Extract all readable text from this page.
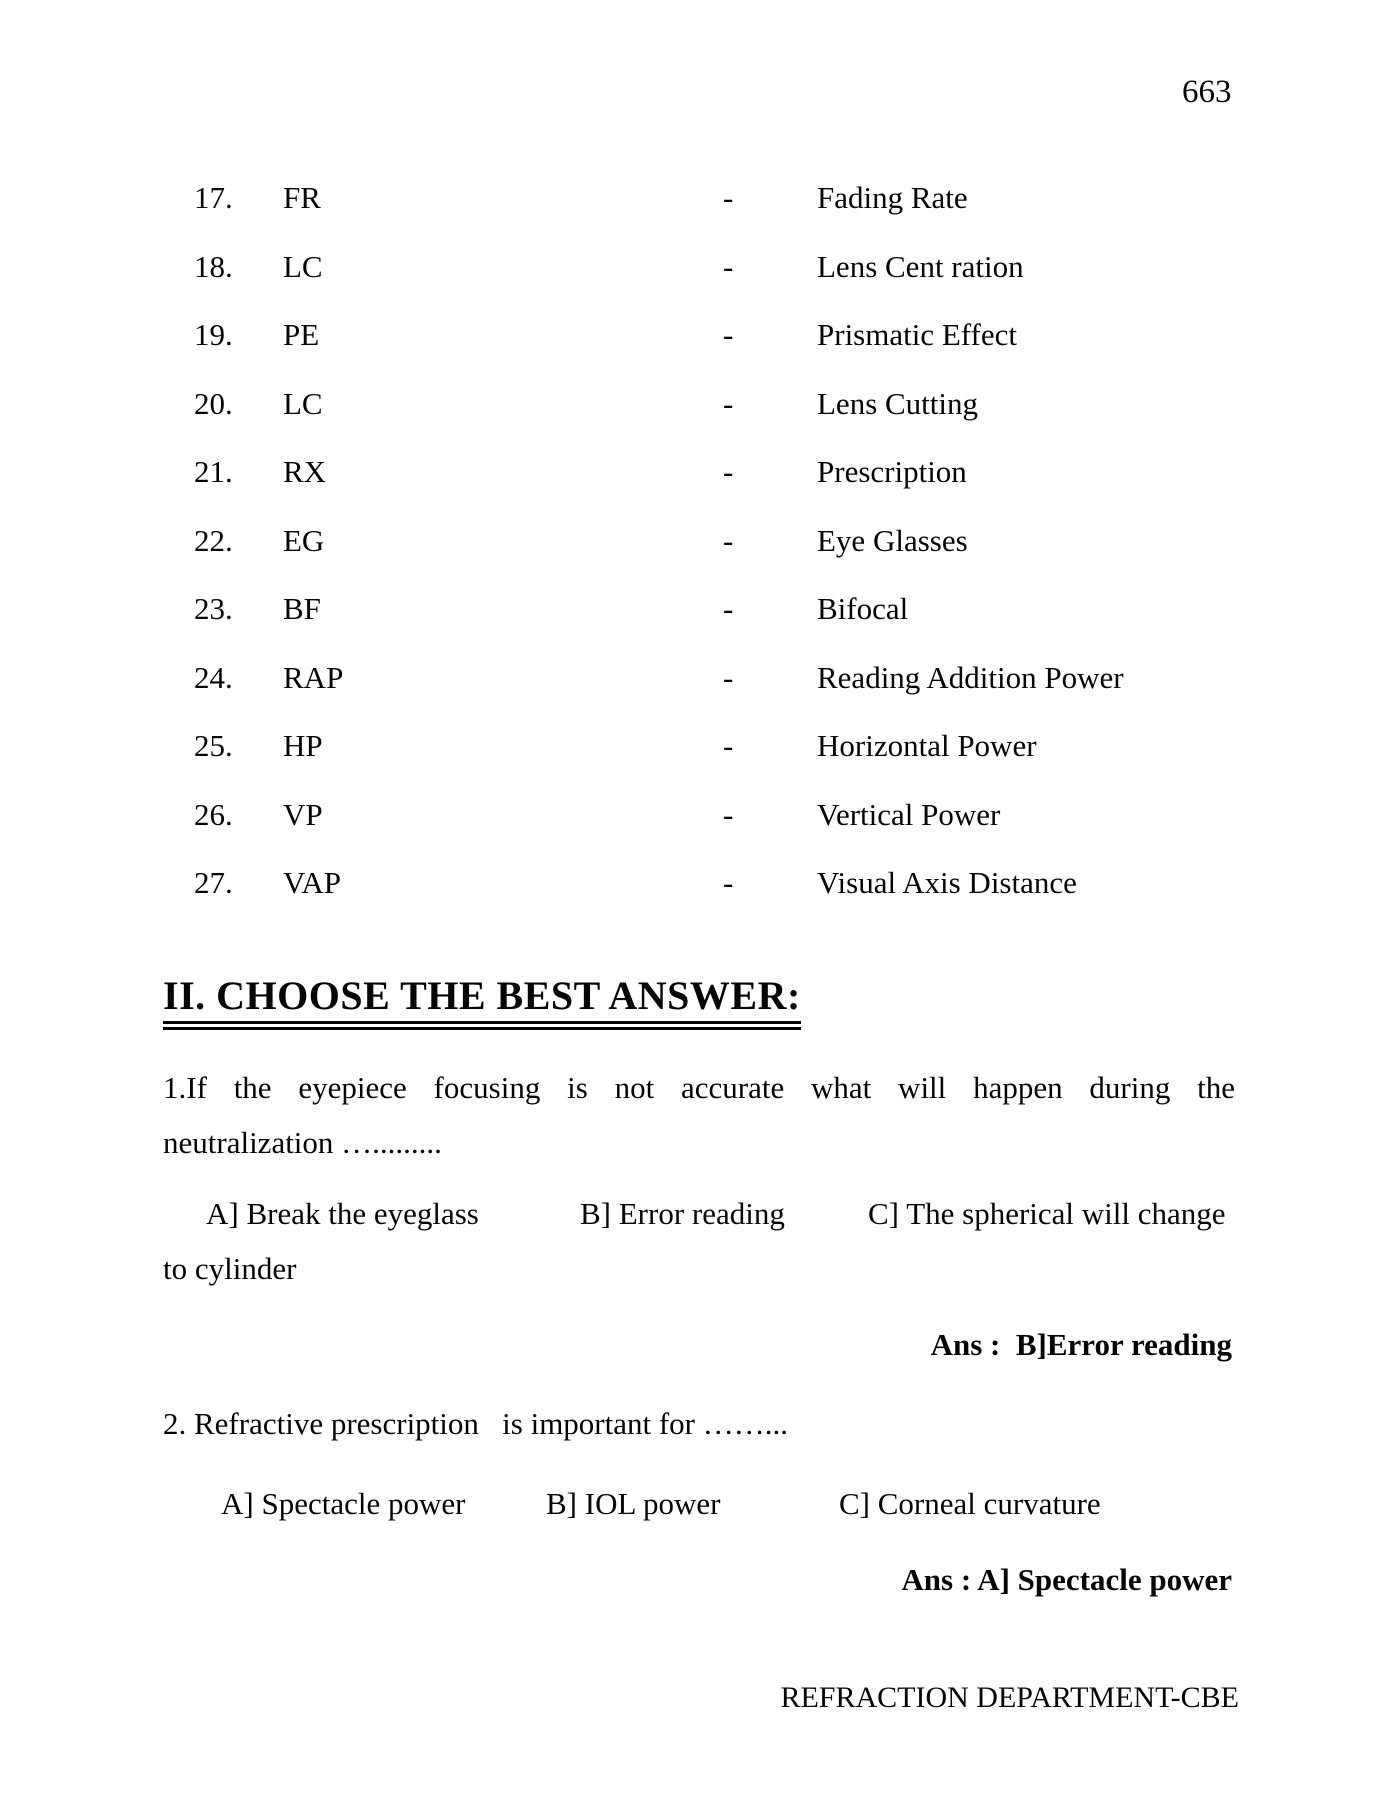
663
17.	FR	-	Fading Rate
18.	LC	-	Lens Cent ration
19.	PE	-	Prismatic Effect
20.	LC	-	Lens Cutting
21.	RX	-	Prescription
22.	EG	-	Eye Glasses
23.	BF	-	Bifocal
24.	RAP	-	Reading Addition Power
25.	HP	-	Horizontal Power
26.	VP	-	Vertical Power
27.	VAP	-	Visual Axis Distance
II. CHOOSE THE BEST ANSWER:
1.If the eyepiece focusing is not accurate what will happen during the
neutralization ….........
A] Break the eyeglass	B] Error reading	C] The spherical will change
to cylinder
Ans :  B]Error reading
2. Refractive prescription   is important for ……...
A] Spectacle power	B] IOL power	C] Corneal curvature
Ans : A] Spectacle power
REFRACTION DEPARTMENT-CBE
